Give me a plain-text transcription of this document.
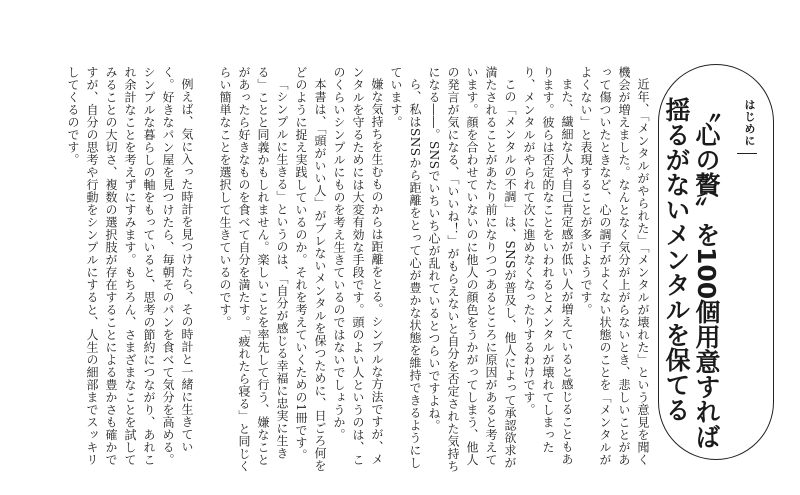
はじめに
〝心の贅〟を100個用意すれば
揺るがないメンタルを保てる

近年、「メンタルがやられた」「メンタルが壊れた」という意見を聞く機会が増えました。なんとなく気分が上がらないとき、悲しいことがあって傷ついたときなど、心の調子がよくない状態のことを「メンタルがよくない」と表現することが多いようです。

また、繊細な人や自己肯定感が低い人が増えていると感じることもあります。彼らは否定的なことをいわれるとメンタルが壊れてしまったり、メンタルがやられて次に進めなくなったりするわけです。

この「メンタルの不調」は、SNSが普及し、他人によって承認欲求が満たされることがあたり前になりつつあるところに原因があると考えています。顔を合わせていないのに他人の顔色をうかがってしまう、他人の発言が気になる、「いいね！」がもらえないと自分を否定された気持ちになる――。SNSでいちいち心が乱れているとつらいですよね。

ら、私はSNSから距離をとって心が豊かな状態を維持できるようにしています。

嫌な気持ちを生むものからは距離をとる。シンプルな方法ですが、メンタルを守るためには大変有効な手段です。頭のよい人というのは、このくらいシンプルにものを考え生きているのではないでしょうか。

本書は、「頭がいい人」がブレないメンタルを保つために、日ごろ何をどのように捉え実践しているのか。それを考えていくための1冊です。

「シンプルに生きる」というのは、「自分が感じる幸福に忠実に生きる」ことと同義かもしれません。楽しいことを率先して行う、嫌なことがあったら好きなものを食べて自分を満たす。「疲れたら寝る」と同じくらい簡単なことを選択して生きているのです。

例えば、気に入った時計を見つけたら、その時計と一緒に生きていく。好きなパン屋を見つけたら、毎朝そのパンを食べて気分を高める。シンプルな暮らしの軸をもっていると、思考の節約につながり、あれこれ余計なことを考えずにすみます。もちろん、さまざまなことを試してみることの大切さ、複数の選択肢が存在することによる豊かさも確かですが、自分の思考や行動をシンプルにすると、人生の細部までスッキリしてくるのです。
